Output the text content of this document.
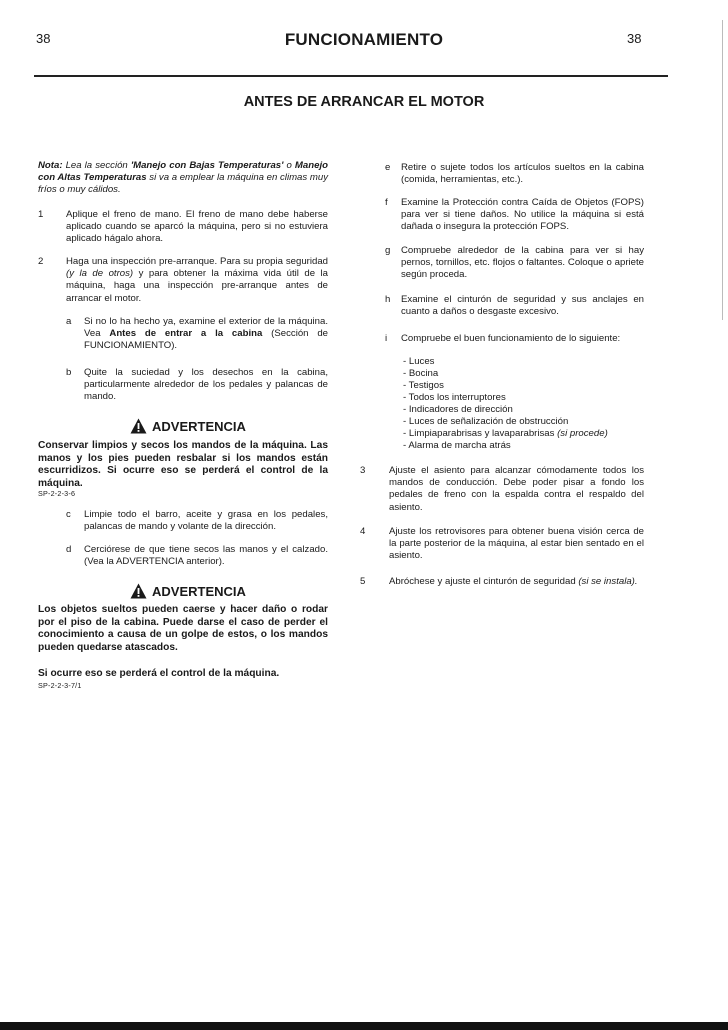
38	FUNCIONAMIENTO	38
ANTES DE ARRANCAR EL MOTOR
Nota: Lea la sección 'Manejo con Bajas Temperaturas' o Manejo con Altas Temperaturas si va a emplear la máquina en climas muy fríos o muy cálidos.
1 Aplique el freno de mano. El freno de mano debe haberse aplicado cuando se aparcó la máquina, pero si no estuviera aplicado hágalo ahora.
2 Haga una inspección pre-arranque. Para su propia seguridad (y la de otros) y para obtener la máxima vida útil de la máquina, haga una inspección pre-arranque antes de arrancar el motor.
a Si no lo ha hecho ya, examine el exterior de la máquina. Vea Antes de entrar a la cabina (Sección de FUNCIONAMIENTO).
b Quite la suciedad y los desechos en la cabina, particularmente alrededor de los pedales y palancas de mando.
ADVERTENCIA
Conservar limpios y secos los mandos de la máquina. Las manos y los pies pueden resbalar si los mandos están escurridizos. Si ocurre eso se perderá el control de la máquina.
SP-2-2-3-6
c Limpie todo el barro, aceite y grasa en los pedales, palancas de mando y volante de la dirección.
d Cerciórese de que tiene secos las manos y el calzado. (Vea la ADVERTENCIA anterior).
ADVERTENCIA
Los objetos sueltos pueden caerse y hacer daño o rodar por el piso de la cabina. Puede darse el caso de perder el conocimiento a causa de un golpe de estos, o los mandos pueden quedarse atascados.
Si ocurre eso se perderá el control de la máquina.
SP-2-2-3-7/1
e Retire o sujete todos los artículos sueltos en la cabina (comida, herramientas, etc.).
f Examine la Protección contra Caída de Objetos (FOPS) para ver si tiene daños. No utilice la máquina si está dañada o insegura la protección FOPS.
g Compruebe alrededor de la cabina para ver si hay pernos, tornillos, etc. flojos o faltantes. Coloque o apriete según proceda.
h Examine el cinturón de seguridad y sus anclajes en cuanto a daños o desgaste excesivo.
i Compruebe el buen funcionamiento de lo siguiente:
- Luces
- Bocina
- Testigos
- Todos los interruptores
- Indicadores de dirección
- Luces de señalización de obstrucción
- Limpiaparabrisas y lavaparabrisas (si procede)
- Alarma de marcha atrás
3 Ajuste el asiento para alcanzar cómodamente todos los mandos de conducción. Debe poder pisar a fondo los pedales de freno con la espalda contra el respaldo del asiento.
4 Ajuste los retrovisores para obtener buena visión cerca de la parte posterior de la máquina, al estar bien sentado en el asiento.
5 Abróchese y ajuste el cinturón de seguridad (si se instala).
